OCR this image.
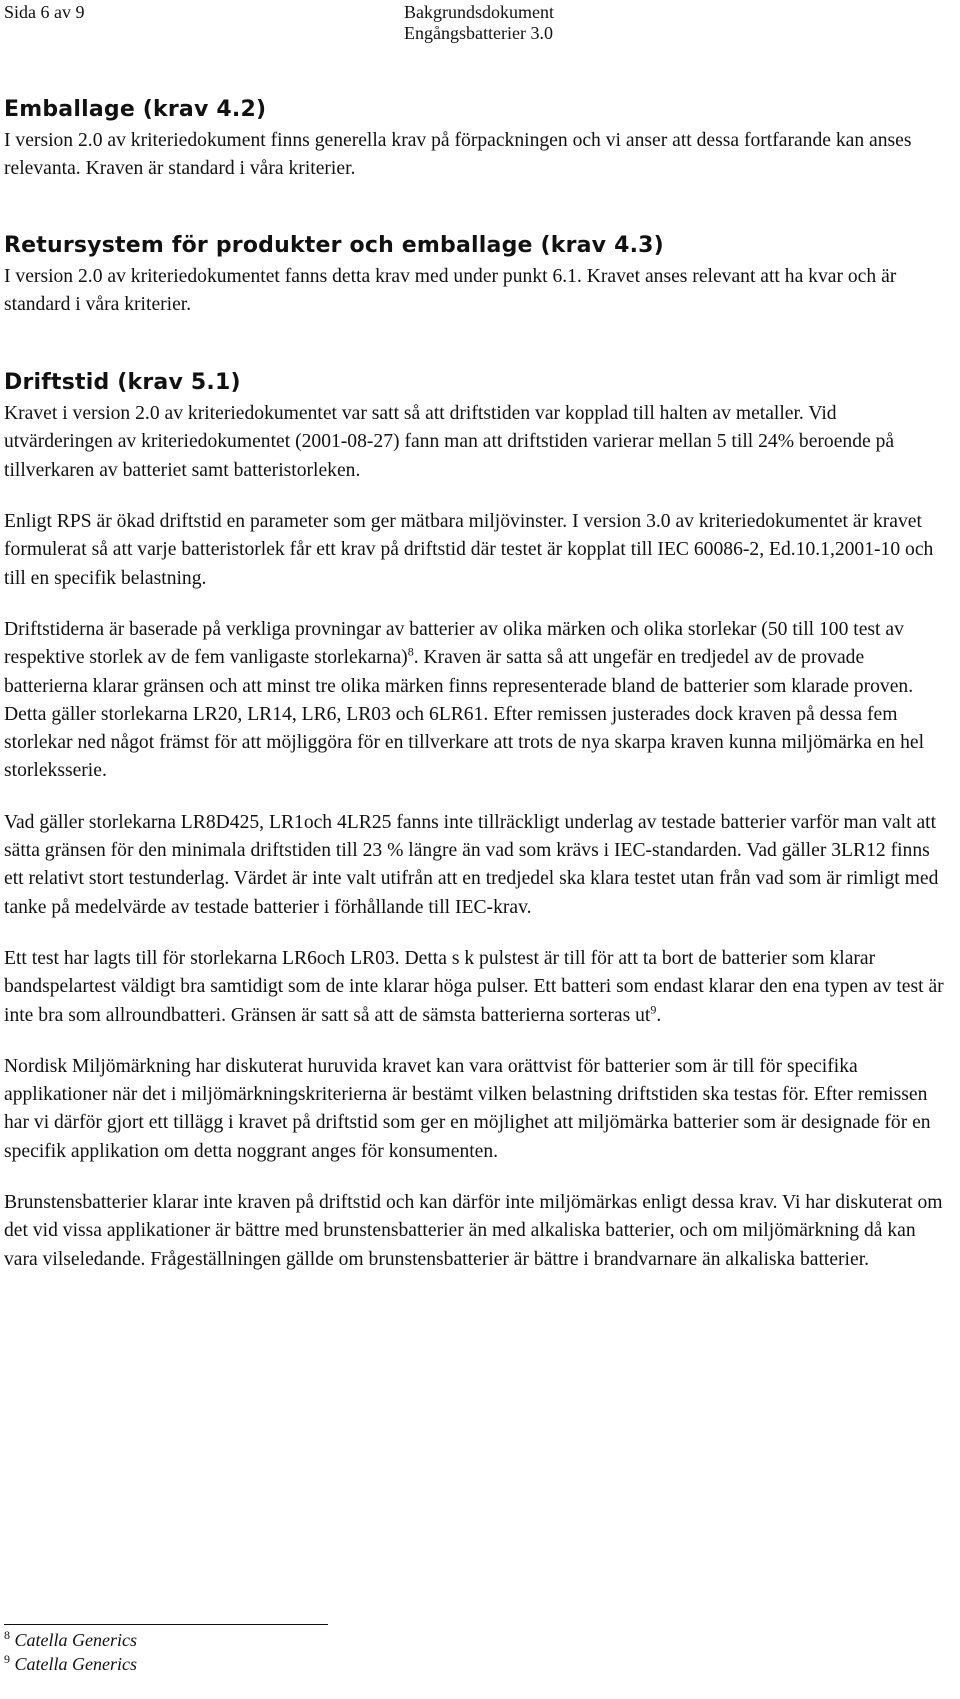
Sida 6 av 9	Bakgrundsdokument
Engångsbatterier 3.0
Emballage (krav 4.2)

I version 2.0 av kriteriedokument finns generella krav på förpackningen och vi anser att dessa fortfarande kan anses relevanta. Kraven är standard i våra kriterier.

Retursystem för produkter och emballage (krav 4.3)

I version 2.0 av kriteriedokumentet fanns detta krav med under punkt 6.1. Kravet anses relevant att ha kvar och är standard i våra kriterier.

Driftstid (krav 5.1)

Kravet i version 2.0 av kriteriedokumentet var satt så att driftstiden var kopplad till halten av metaller. Vid utvärderingen av kriteriedokumentet (2001-08-27) fann man att driftstiden varierar mellan 5 till 24% beroende på tillverkaren av batteriet samt batteristorleken.

Enligt RPS är ökad driftstid en parameter som ger mätbara miljövinster. I version 3.0 av kriteriedokumentet är kravet formulerat så att varje batteristorlek får ett krav på driftstid där testet är kopplat till IEC 60086-2, Ed.10.1,2001-10 och till en specifik belastning.

Driftstiderna är baserade på verkliga provningar av batterier av olika märken och olika storlekar (50 till 100 test av respektive storlek av de fem vanligaste storlekarna)$^8$. Kraven är satta så att ungefär en tredjedel av de provade batterierna klarar gränsen och att minst tre olika märken finns representerade bland de batterier som klarade proven. Detta gäller storlekarna LR20, LR14, LR6, LR03 och 6LR61. Efter remissen justerades dock kraven på dessa fem storlekar ned något främst för att möjliggöra för en tillverkare att trots de nya skarpa kraven kunna miljömärka en hel storleksserie.

Vad gäller storlekarna LR8D425, LR1och 4LR25 fanns inte tillräckligt underlag av testade batterier varför man valt att sätta gränsen för den minimala driftstiden till 23 % längre än vad som krävs i IEC-standarden. Vad gäller 3LR12 finns ett relativt stort testunderlag. Värdet är inte valt utifrån att en tredjedel ska klara testet utan från vad som är rimligt med tanke på medelvärde av testade batterier i förhållande till IEC-krav.

Ett test har lagts till för storlekarna LR6och LR03. Detta s k pulstest är till för att ta bort de batterier som klarar bandspelartest väldigt bra samtidigt som de inte klarar höga pulser. Ett batteri som endast klarar den ena typen av test är inte bra som allroundbatteri. Gränsen är satt så att de sämsta batterierna sorteras $ut^9$.

Nordisk Miljömärkning har diskuterat huruvida kravet kan vara orättvist för batterier som är till för specifika applikationer när det i miljömärkningskriterierna är bestämt vilken belastning driftstiden ska testas för. Efter remissen har vi därför gjort ett tillägg i kravet på driftstid som ger en möjlighet att miljömärka batterier som är designade för en specifik applikation om detta noggrant anges för konsumenten.

Brunstensbatterier klarar inte kraven på driftstid och kan därför inte miljömärkas enligt dessa krav. Vi har diskuterat om det vid vissa applikationer är bättre med brunstensbatterier än med alkaliska batterier, och om miljömärkning då kan vara vilseledande. Frågeställningen gällde om brunstensbatterier är bättre i brandvarnare än alkaliska batterier.

$^8$ Catella Generics
$^9$ Catella Generics
